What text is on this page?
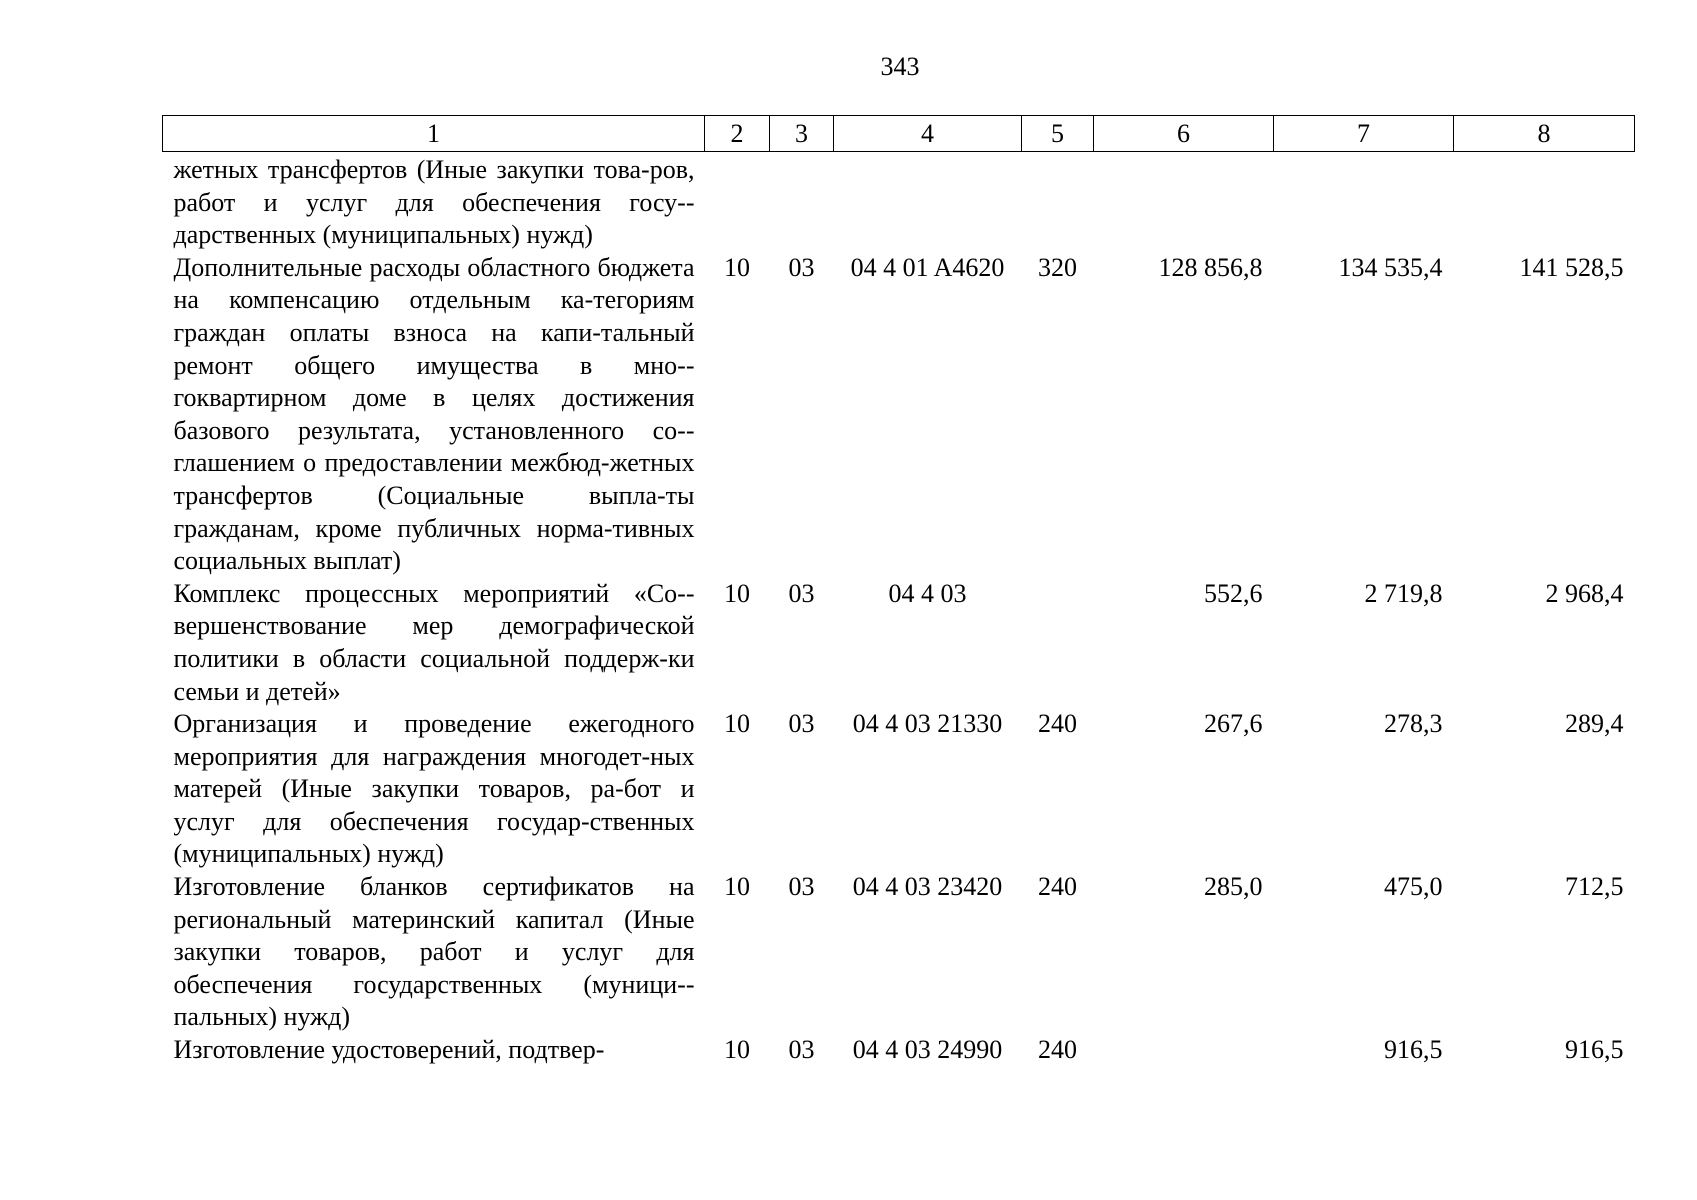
343
1	2	3	4	5	6	7	8
жетных трансфертов (Иные закупки това-ров, работ и услуг для обеспечения госу-дарственных (муниципальных) нужд)							
Дополнительные расходы областного бюджета на компенсацию отдельным ка-тегориям граждан оплаты взноса на капи-тальный ремонт общего имущества в мно-гоквартирном доме в целях достижения базового результата, установленного со-глашением о предоставлении межбюд-жетных трансфертов (Социальные выпла-ты гражданам, кроме публичных норма-тивных социальных выплат)	10	03	04 4 01 A4620	320	128 856,8	134 535,4	141 528,5
Комплекс процессных мероприятий «Со-вершенствование мер демографической политики в области социальной поддерж-ки семьи и детей»	10	03	04 4 03		552,6	2 719,8	2 968,4
Организация и проведение ежегодного мероприятия для награждения многодет-ных матерей (Иные закупки товаров, ра-бот и услуг для обеспечения государ-ственных (муниципальных) нужд)	10	03	04 4 03 21330	240	267,6	278,3	289,4
Изготовление бланков сертификатов на региональный материнский капитал (Иные закупки товаров, работ и услуг для обеспечения государственных (муници-пальных) нужд)	10	03	04 4 03 23420	240	285,0	475,0	712,5
Изготовление удостоверений, подтвер-	10	03	04 4 03 24990	240		916,5	916,5
